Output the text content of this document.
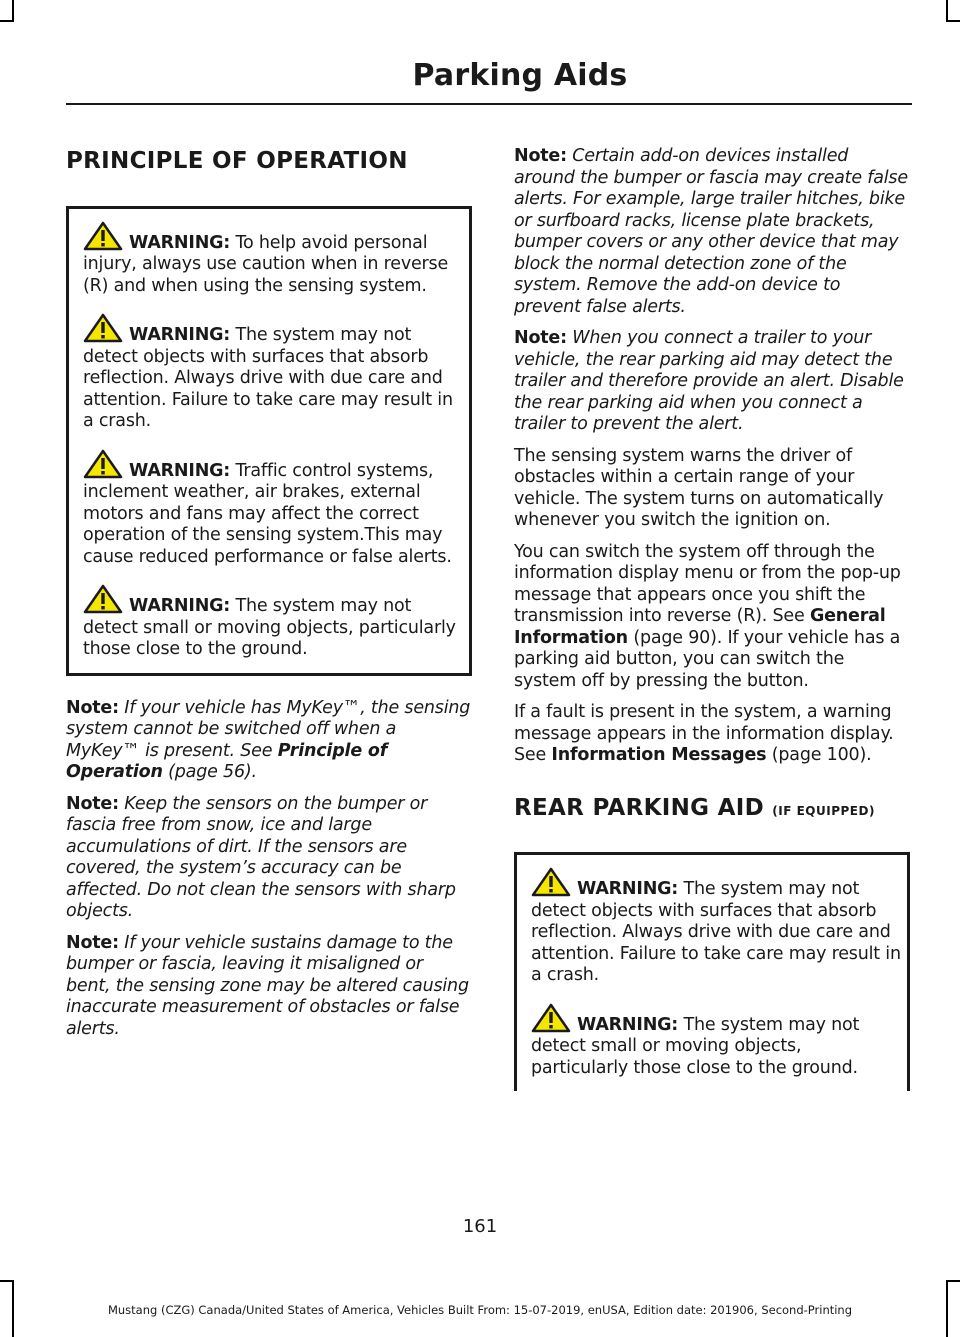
Parking Aids
PRINCIPLE OF OPERATION

WARNING: To help avoid personal injury, always use caution when in reverse (R) and when using the sensing system.

WARNING: The system may not detect objects with surfaces that absorb reflection. Always drive with due care and attention. Failure to take care may result in a crash.

WARNING: Traffic control systems, inclement weather, air brakes, external motors and fans may affect the correct operation of the sensing system.This may cause reduced performance or false alerts.

WARNING: The system may not detect small or moving objects, particularly those close to the ground.

Note: If your vehicle has MyKey™, the sensing system cannot be switched off when a MyKey™ is present. See Principle of Operation (page 56).

Note: Keep the sensors on the bumper or fascia free from snow, ice and large accumulations of dirt. If the sensors are covered, the system’s accuracy can be affected. Do not clean the sensors with sharp objects.

Note: If your vehicle sustains damage to the bumper or fascia, leaving it misaligned or bent, the sensing zone may be altered causing inaccurate measurement of obstacles or false alerts.

Note: Certain add-on devices installed around the bumper or fascia may create false alerts. For example, large trailer hitches, bike or surfboard racks, license plate brackets, bumper covers or any other device that may block the normal detection zone of the system. Remove the add-on device to prevent false alerts.

Note: When you connect a trailer to your vehicle, the rear parking aid may detect the trailer and therefore provide an alert. Disable the rear parking aid when you connect a trailer to prevent the alert.

The sensing system warns the driver of obstacles within a certain range of your vehicle. The system turns on automatically whenever you switch the ignition on.

You can switch the system off through the information display menu or from the pop-up message that appears once you shift the transmission into reverse (R). See General Information (page 90). If your vehicle has a parking aid button, you can switch the system off by pressing the button.

If a fault is present in the system, a warning message appears in the information display. See Information Messages (page 100).

REAR PARKING AID (IF EQUIPPED)

WARNING: The system may not detect objects with surfaces that absorb reflection. Always drive with due care and attention. Failure to take care may result in a crash.

WARNING: The system may not detect small or moving objects, particularly those close to the ground.

161
Mustang (CZG) Canada/United States of America, Vehicles Built From: 15-07-2019, enUSA, Edition date: 201906, Second-Printing
